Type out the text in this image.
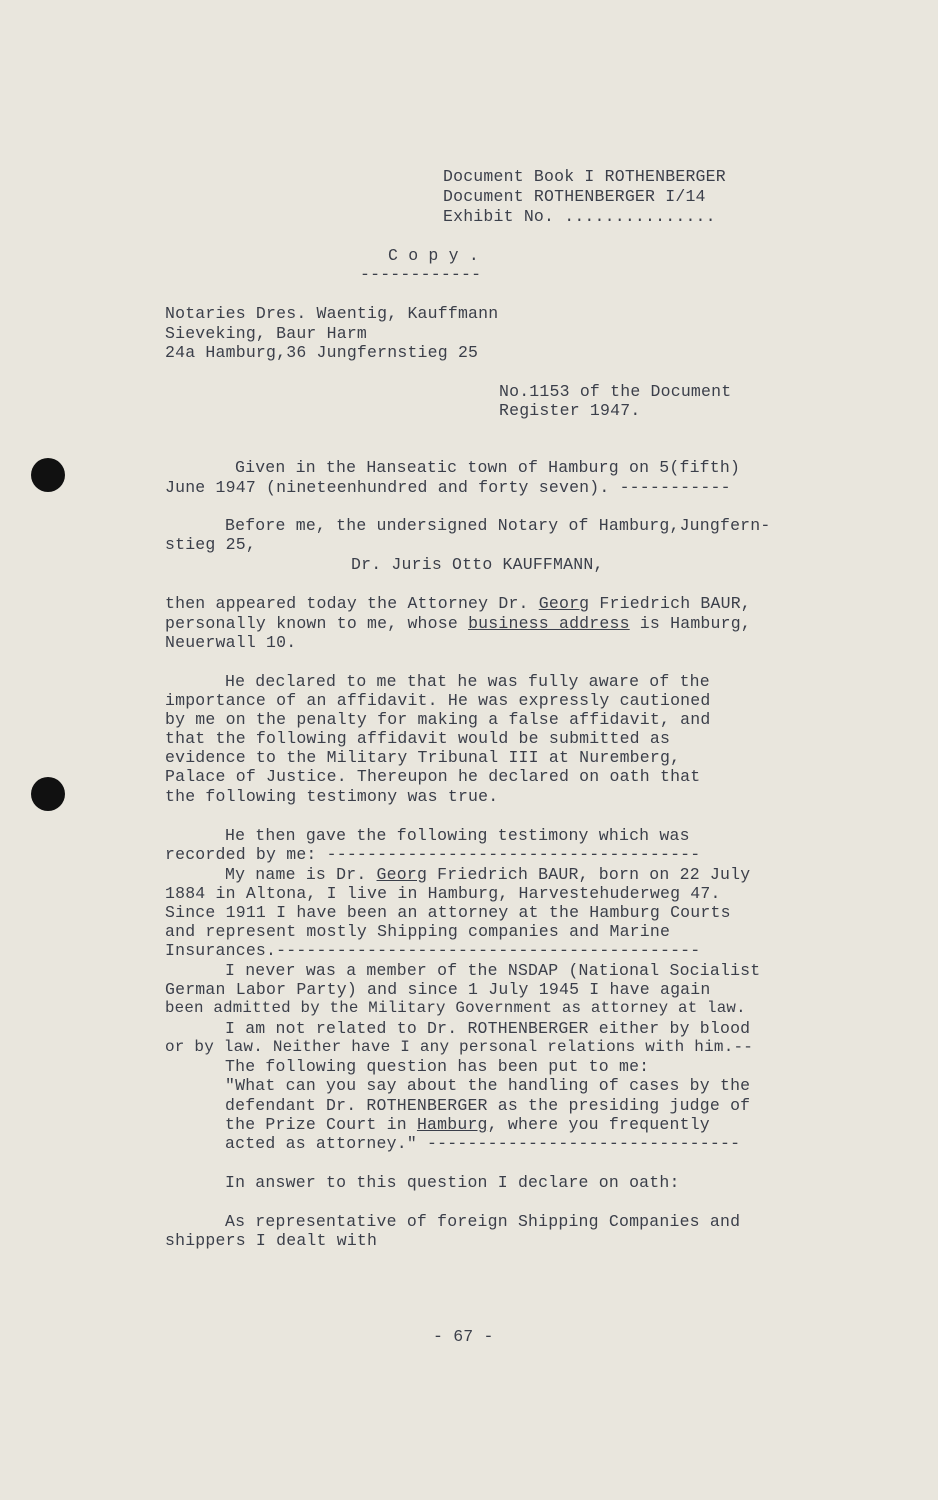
Document Book I ROTHENBERGER
Document ROTHENBERGER I/14
Exhibit No. ...............
C o p y .
------------
Notaries Dres. Waentig, Kauffmann
Sieveking, Baur Harm
24a Hamburg,36 Jungfernstieg 25
No.1153 of the Document
Register 1947.
Given in the Hanseatic town of Hamburg on 5(fifth)
June 1947 (nineteenhundred and forty seven). -----------
Before me, the undersigned Notary of Hamburg,Jungfern-
stieg 25,
Dr. Juris Otto KAUFFMANN,
then appeared today the Attorney Dr. Georg Friedrich BAUR,
personally known to me, whose business address is Hamburg,
Neuerwall 10.
He declared to me that he was fully aware of the
importance of an affidavit. He was expressly cautioned
by me on the penalty for making a false affidavit, and
that the following affidavit would be submitted as
evidence to the Military Tribunal III at Nuremberg,
Palace of Justice. Thereupon he declared on oath that
the following testimony was true.
He then gave the following testimony which was
recorded by me: -------------------------------------
My name is Dr. Georg Friedrich BAUR, born on 22 July
1884 in Altona, I live in Hamburg, Harvestehuderweg 47.
Since 1911 I have been an attorney at the Hamburg Courts
and represent mostly Shipping companies and Marine
Insurances.------------------------------------------
I never was a member of the NSDAP (National Socialist
German Labor Party) and since 1 July 1945 I have again
been admitted by the Military Government as attorney at law.
I am not related to Dr. ROTHENBERGER either by blood
or by law. Neither have I any personal relations with him.--
The following question has been put to me:
"What can you say about the handling of cases by the
defendant Dr. ROTHENBERGER as the presiding judge of
the Prize Court in Hamburg, where you frequently
acted as attorney." -------------------------------
In answer to this question I declare on oath:
As representative of foreign Shipping Companies and
shippers I dealt with
- 67 -
